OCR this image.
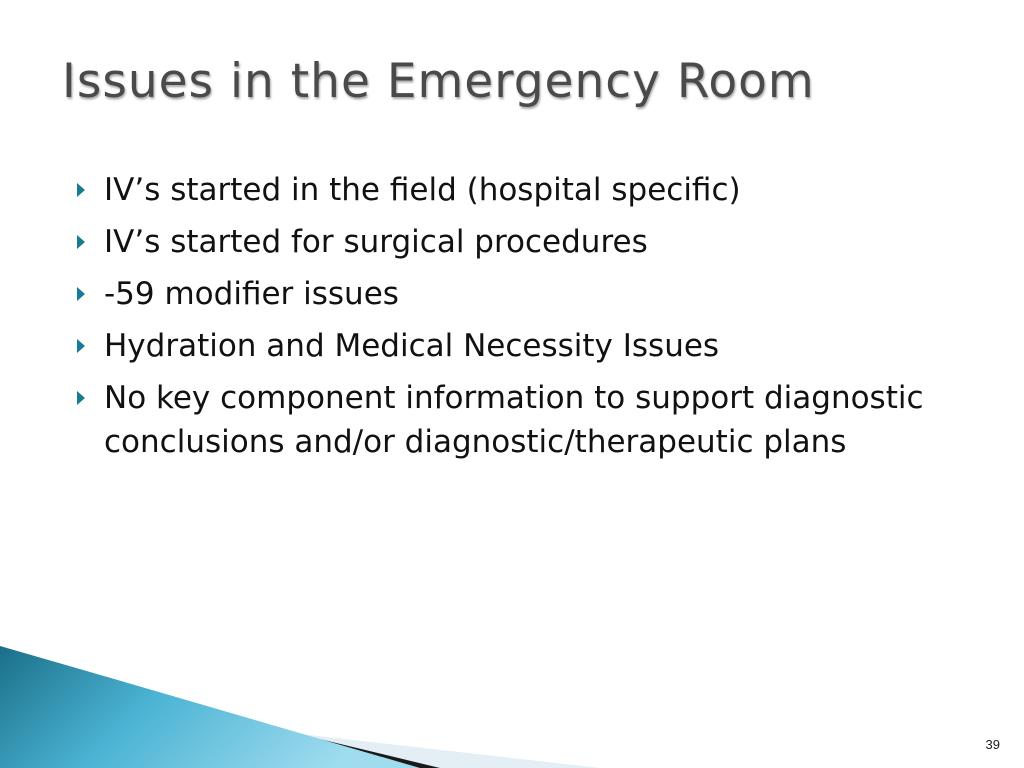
Issues in the Emergency Room
IV’s started in the field (hospital specific)
IV’s started for surgical procedures
-59 modifier issues
Hydration and Medical Necessity Issues
No key component information to support diagnostic conclusions and/or diagnostic/therapeutic plans
39
